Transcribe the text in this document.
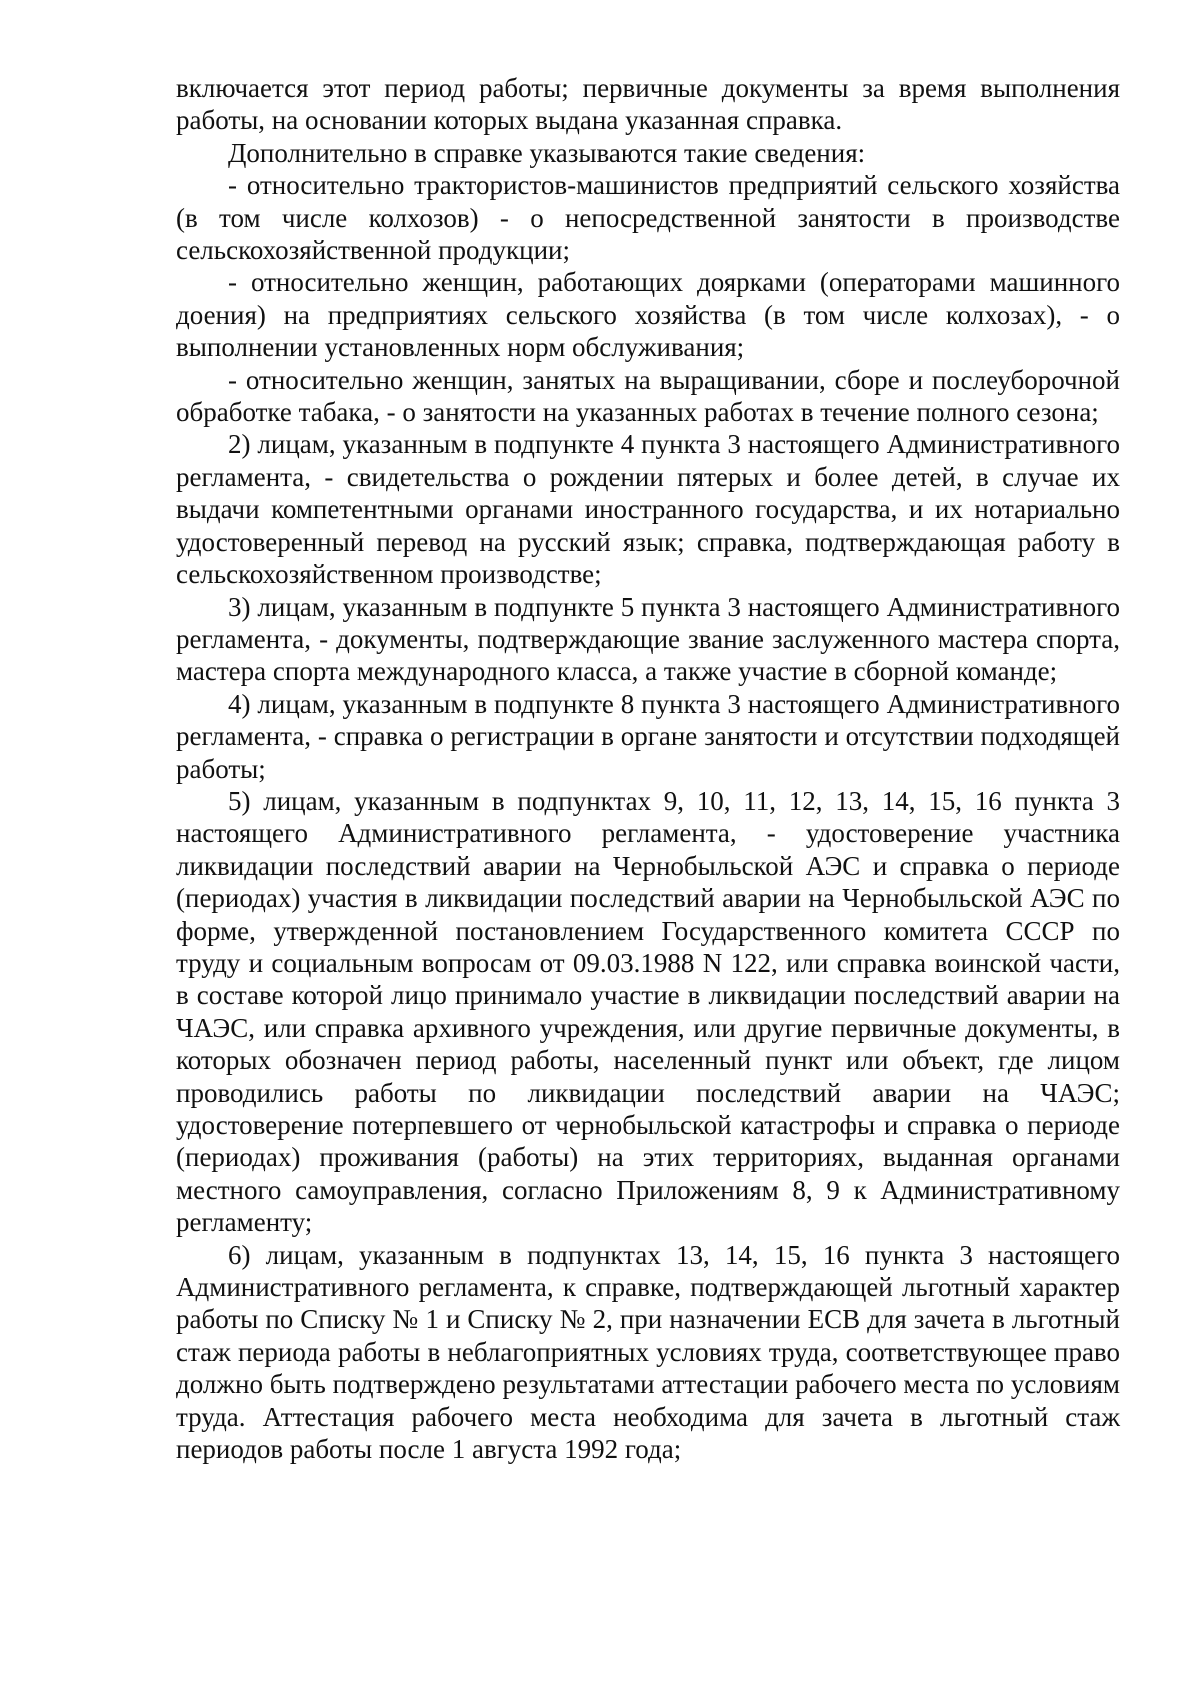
включается этот период работы; первичные документы за время выполнения работы, на основании которых выдана указанная справка.

Дополнительно в справке указываются такие сведения:

- относительно трактористов-машинистов предприятий сельского хозяйства (в том числе колхозов) - о непосредственной занятости в производстве сельскохозяйственной продукции;

- относительно женщин, работающих доярками (операторами машинного доения) на предприятиях сельского хозяйства (в том числе колхозах), - о выполнении установленных норм обслуживания;

- относительно женщин, занятых на выращивании, сборе и послеуборочной обработке табака, - о занятости на указанных работах в течение полного сезона;

2) лицам, указанным в подпункте 4 пункта 3 настоящего Административного регламента, - свидетельства о рождении пятерых и более детей, в случае их выдачи компетентными органами иностранного государства, и их нотариально удостоверенный перевод на русский язык; справка, подтверждающая работу в сельскохозяйственном производстве;

3) лицам, указанным в подпункте 5 пункта 3 настоящего Административного регламента, - документы, подтверждающие звание заслуженного мастера спорта, мастера спорта международного класса, а также участие в сборной команде;

4) лицам, указанным в подпункте 8 пункта 3 настоящего Административного регламента, - справка о регистрации в органе занятости и отсутствии подходящей работы;

5) лицам, указанным в подпунктах 9, 10, 11, 12, 13, 14, 15, 16 пункта 3 настоящего Административного регламента, - удостоверение участника ликвидации последствий аварии на Чернобыльской АЭС и справка о периоде (периодах) участия в ликвидации последствий аварии на Чернобыльской АЭС по форме, утвержденной постановлением Государственного комитета СССР по труду и социальным вопросам от 09.03.1988 N 122, или справка воинской части, в составе которой лицо принимало участие в ликвидации последствий аварии на ЧАЭС, или справка архивного учреждения, или другие первичные документы, в которых обозначен период работы, населенный пункт или объект, где лицом проводились работы по ликвидации последствий аварии на ЧАЭС; удостоверение потерпевшего от чернобыльской катастрофы и справка о периоде (периодах) проживания (работы) на этих территориях, выданная органами местного самоуправления, согласно Приложениям 8, 9 к Административному регламенту;

6) лицам, указанным в подпунктах 13, 14, 15, 16 пункта 3 настоящего Административного регламента, к справке, подтверждающей льготный характер работы по Списку № 1 и Списку № 2, при назначении ЕСВ для зачета в льготный стаж периода работы в неблагоприятных условиях труда, соответствующее право должно быть подтверждено результатами аттестации рабочего места по условиям труда. Аттестация рабочего места необходима для зачета в льготный стаж периодов работы после 1 августа 1992 года;
